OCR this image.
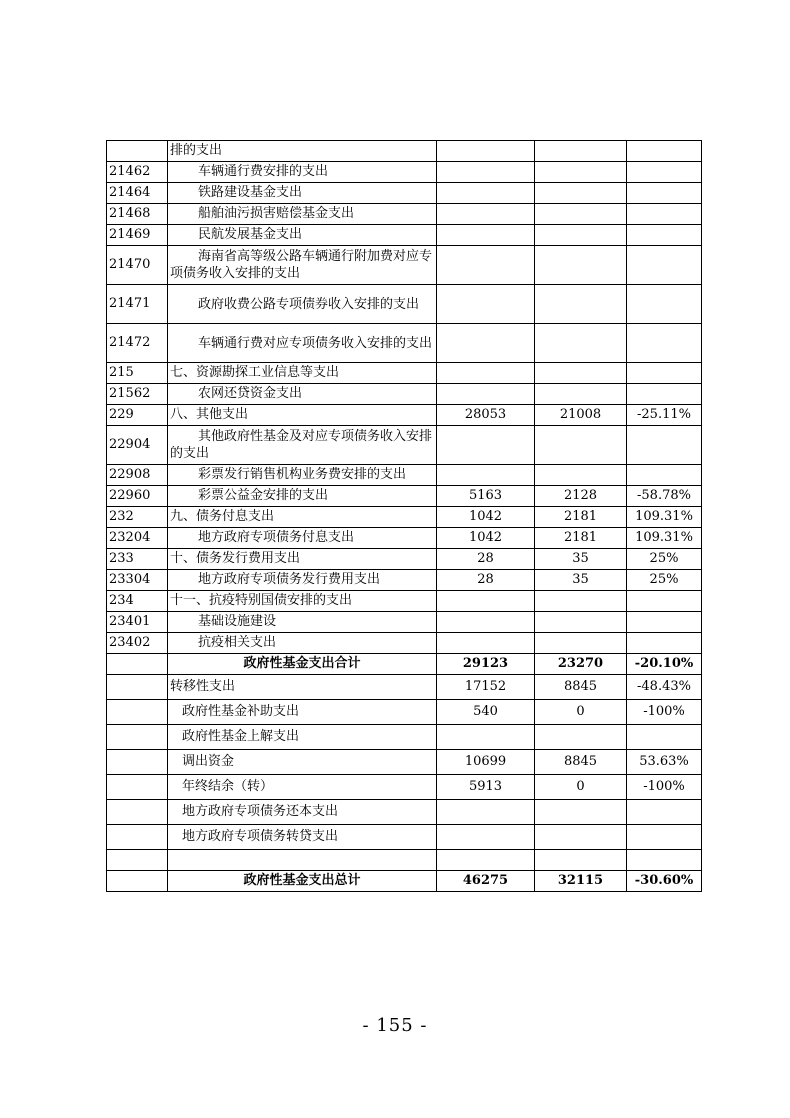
	排的支出			
21462	车辆通行费安排的支出			
21464	铁路建设基金支出			
21468	船舶油污损害赔偿基金支出			
21469	民航发展基金支出			
21470	海南省高等级公路车辆通行附加费对应专项债务收入安排的支出			
21471	政府收费公路专项债券收入安排的支出			
21472	车辆通行费对应专项债务收入安排的支出			
215	七、资源勘探工业信息等支出			
21562	农网还贷资金支出			
229	八、其他支出	28053	21008	-25.11%
22904	其他政府性基金及对应专项债务收入安排的支出			
22908	彩票发行销售机构业务费安排的支出			
22960	彩票公益金安排的支出	5163	2128	-58.78%
232	九、债务付息支出	1042	2181	109.31%
23204	地方政府专项债务付息支出	1042	2181	109.31%
233	十、债务发行费用支出	28	35	25%
23304	地方政府专项债务发行费用支出	28	35	25%
234	十一、抗疫特别国债安排的支出			
23401	基础设施建设			
23402	抗疫相关支出			
	政府性基金支出合计	29123	23270	-20.10%
	转移性支出	17152	8845	-48.43%
	政府性基金补助支出	540	0	-100%
	政府性基金上解支出			
	调出资金	10699	8845	53.63%
	年终结余（转）	5913	0	-100%
	地方政府专项债务还本支出			
	地方政府专项债务转贷支出			

	政府性基金支出总计	46275	32115	-30.60%
- 155 -
